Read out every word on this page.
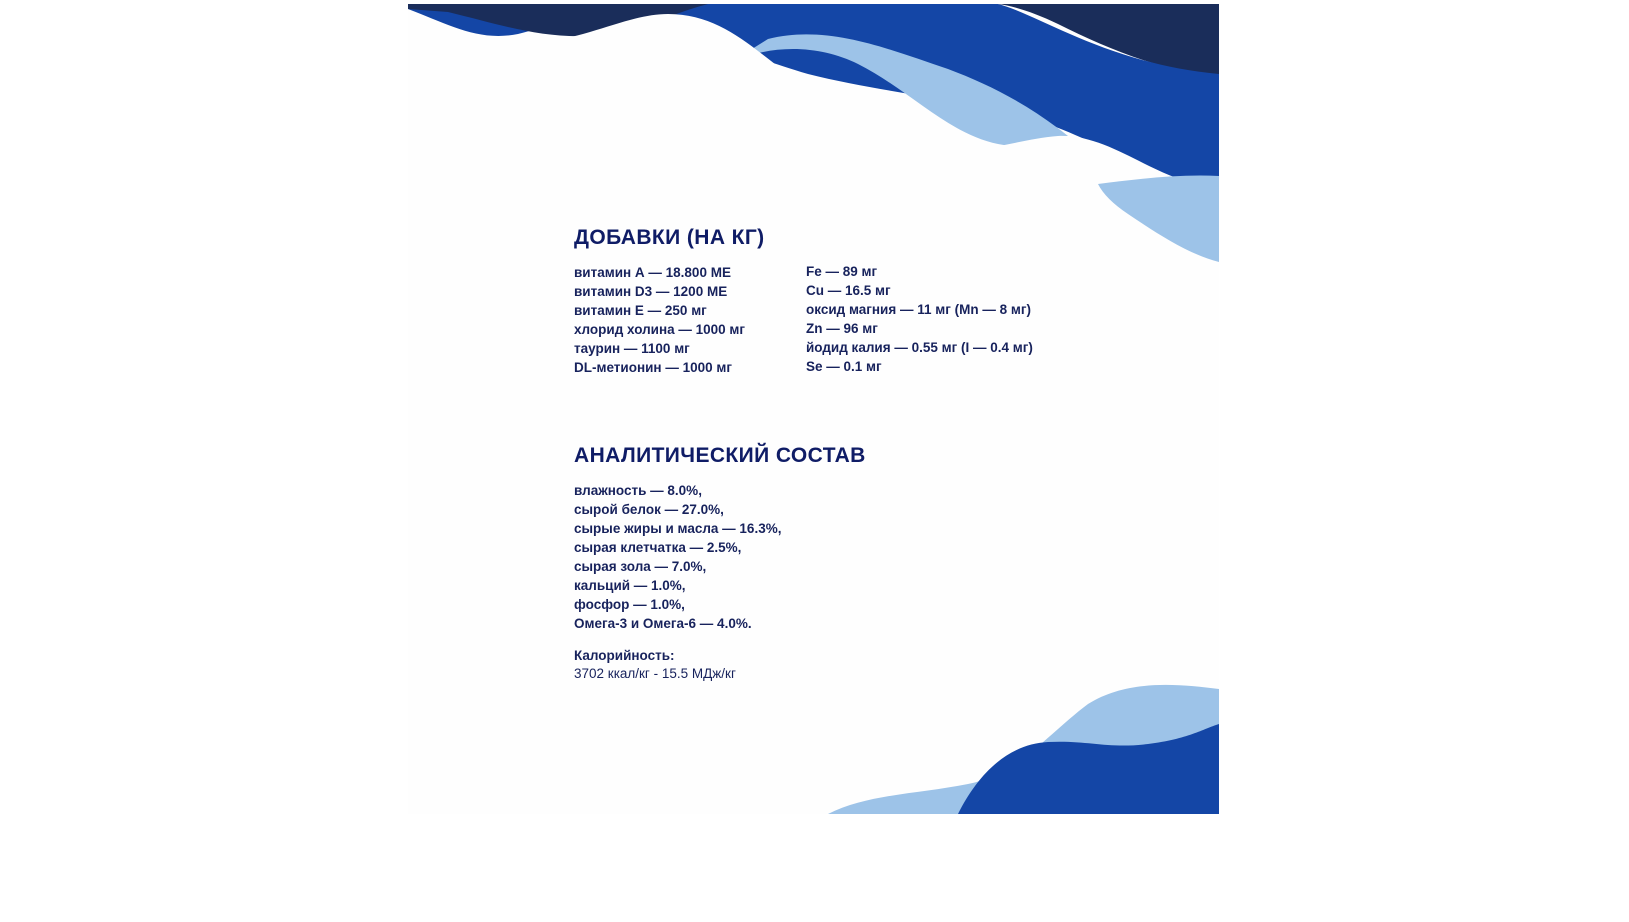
ДОБАВКИ (НА КГ)
витамин А — 18.800 МЕ
витамин D3 — 1200 МЕ
витамин Е — 250 мг
хлорид холина — 1000 мг
таурин — 1100 мг
DL-метионин — 1000 мг
Fe — 89 мг
Cu — 16.5 мг
оксид магния — 11 мг (Mn — 8 мг)
Zn — 96 мг
йодид калия — 0.55 мг (I — 0.4 мг)
Se — 0.1 мг
АНАЛИТИЧЕСКИЙ СОСТАВ
влажность — 8.0%,
сырой белок — 27.0%,
сырые жиры и масла — 16.3%,
сырая клетчатка — 2.5%,
сырая зола — 7.0%,
кальций — 1.0%,
фосфор — 1.0%,
Омега-3 и Омега-6 — 4.0%.
Калорийность:
3702 ккал/кг - 15.5 МДж/кг
